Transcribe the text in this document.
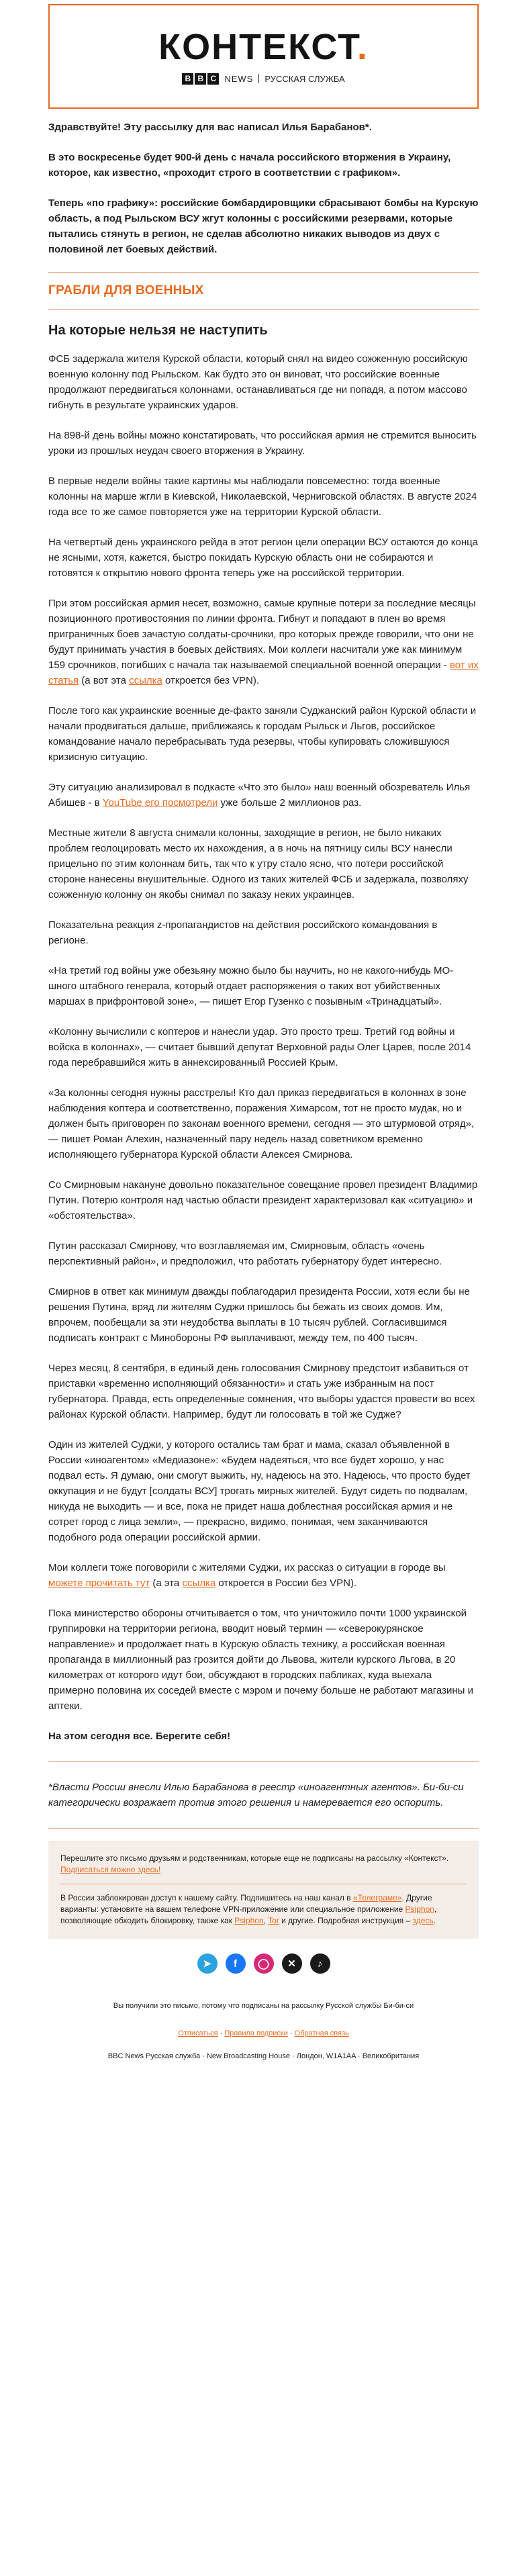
КОНТЕКСТ.
B B C NEWS РУССКАЯ СЛУЖБА

Здравствуйте! Эту рассылку для вас написал Илья Барабанов*.

В это воскресенье будет 900-й день с начала российского вторжения в Украину, которое, как известно, «проходит строго в соответствии с графиком».

Теперь «по графику»: российские бомбардировщики сбрасывают бомбы на Курскую область, а под Рыльском ВСУ жгут колонны с российскими резервами, которые пытались стянуть в регион, не сделав абсолютно никаких выводов из двух с половиной лет боевых действий.

ГРАБЛИ ДЛЯ ВОЕННЫХ
На которые нельзя не наступить

ФСБ задержала жителя Курской области, который снял на видео сожженную российскую военную колонну под Рыльском. Как будто это он виноват, что российские военные продолжают передвигаться колоннами, останавливаться где ни попадя, а потом массово гибнуть в результате украинских ударов.

На 898-й день войны можно констатировать, что российская армия не стремится выносить уроки из прошлых неудач своего вторжения в Украину.

В первые недели войны такие картины мы наблюдали повсеместно: тогда военные колонны на марше жгли в Киевской, Николаевской, Черниговской областях. В августе 2024 года все то же самое повторяется уже на территории Курской области.

На четвертый день украинского рейда в этот регион цели операции ВСУ остаются до конца не ясными, хотя, кажется, быстро покидать Курскую область они не собираются и готовятся к открытию нового фронта теперь уже на российской территории.

При этом российская армия несет, возможно, самые крупные потери за последние месяцы позиционного противостояния по линии фронта. Гибнут и попадают в плен во время приграничных боев зачастую солдаты-срочники, про которых прежде говорили, что они не будут принимать участия в боевых действиях. Мои коллеги насчитали уже как минимум 159 срочников, погибших с начала так называемой специальной военной операции - вот их статья (а вот эта ссылка откроется без VPN).

После того как украинские военные де-факто заняли Суджанский район Курской области и начали продвигаться дальше, приближаясь к городам Рыльск и Льгов, российское командование начало перебрасывать туда резервы, чтобы купировать сложившуюся кризисную ситуацию.

Эту ситуацию анализировал в подкасте «Что это было» наш военный обозреватель Илья Абишев - в YouTube его посмотрели уже больше 2 миллионов раз.

Местные жители 8 августа снимали колонны, заходящие в регион, не было никаких проблем геолоцировать место их нахождения, а в ночь на пятницу силы ВСУ нанесли прицельно по этим колоннам бить, так что к утру стало ясно, что потери российской стороне нанесены внушительные. Одного из таких жителей ФСБ и задержала, позволяху сожженную колонну он якобы снимал по заказу неких украинцев.

Показательна реакция z-пропагандистов на действия российского командования в регионе.

«На третий год войны уже обезьяну можно было бы научить, но не какого-нибудь МО-шного штабного генерала, который отдает распоряжения о таких вот убийственных маршах в прифронтовой зоне», — пишет Егор Гузенко с позывным «Тринадцатый».

«Колонну вычислили с коптеров и нанесли удар. Это просто треш. Третий год войны и войска в колоннах», — считает бывший депутат Верховной рады Олег Царев, после 2014 года перебравшийся жить в аннексированный Россией Крым.

«За колонны сегодня нужны расстрелы! Кто дал приказ передвигаться в колоннах в зоне наблюдения коптера и соответственно, поражения Химарсом, тот не просто мудак, но и должен быть приговорен по законам военного времени, сегодня — это штурмовой отряд», — пишет Роман Алехин, назначенный пару недель назад советником временно исполняющего губернатора Курской области Алексея Смирнова.

Со Смирновым накануне довольно показательное совещание провел президент Владимир Путин. Потерю контроля над частью области президент характеризовал как «ситуацию» и «обстоятельства».

Путин рассказал Смирнову, что возглавляемая им, Смирновым, область «очень перспективный район», и предположил, что работать губернатору будет интересно.

Смирнов в ответ как минимум дважды поблагодарил президента России, хотя если бы не решения Путина, вряд ли жителям Суджи пришлось бы бежать из своих домов. Им, впрочем, пообещали за эти неудобства выплаты в 10 тысяч рублей. Согласившимся подписать контракт с Минобороны РФ выплачивают, между тем, по 400 тысяч.

Через месяц, 8 сентября, в единый день голосования Смирнову предстоит избавиться от приставки «временно исполняющий обязанности» и стать уже избранным на пост губернатора. Правда, есть определенные сомнения, что выборы удастся провести во всех районах Курской области. Например, будут ли голосовать в той же Судже?

Один из жителей Суджи, у которого остались там брат и мама, сказал объявленной в России «иноагентом» «Медиазоне»: «Будем надеяться, что все будет хорошо, у нас подвал есть. Я думаю, они смогут выжить, ну, надеюсь на это. Надеюсь, что просто будет оккупация и не будут [солдаты ВСУ] трогать мирных жителей. Будут сидеть по подвалам, никуда не выходить — и все, пока не придет наша доблестная российская армия и не сотрет город с лица земли», — прекрасно, видимо, понимая, чем заканчиваются подобного рода операции российской армии.

Мои коллеги тоже поговорили с жителями Суджи, их рассказ о ситуации в городе вы можете прочитать тут (а эта ссылка откроется в России без VPN).

Пока министерство обороны отчитывается о том, что уничтожило почти 1000 украинской группировки на территории региона, вводит новый термин — «северокурянское направление» и продолжает гнать в Курскую область технику, а российская военная пропаганда в миллионный раз грозится дойти до Львова, жители курского Льгова, в 20 километрах от которого идут бои, обсуждают в городских пабликах, куда выехала примерно половина их соседей вместе с мэром и почему больше не работают магазины и аптеки.

На этом сегодня все. Берегите себя!

*Власти России внесли Илью Барабанова в реестр «иноагентных агентов». Би-би-си категорически возражает против этого решения и намеревается его оспорить.

Перешлите это письмо друзьям и родственникам, которые еще не подписаны на рассылку «Контекст». Подписаться можно здесь!

В России заблокирован доступ к нашему сайту. Подпишитесь на наш канал в «Телеграме». Другие варианты: установите на вашем телефоне VPN-приложение или специальное приложение Psiphon, позволяющие обходить блокировку, также как Psiphon, Tor и другие. Подробная инструкция – здесь.

➤	f	◯	✕	♪

Вы получили это письмо, потому что подписаны на рассылку Русской службы Би-би-си

Отписаться · Правила подписки · Обратная связь

BBC News Русская служба · New Broadcasting House · Лондон, W1A1AA · Великобритания
